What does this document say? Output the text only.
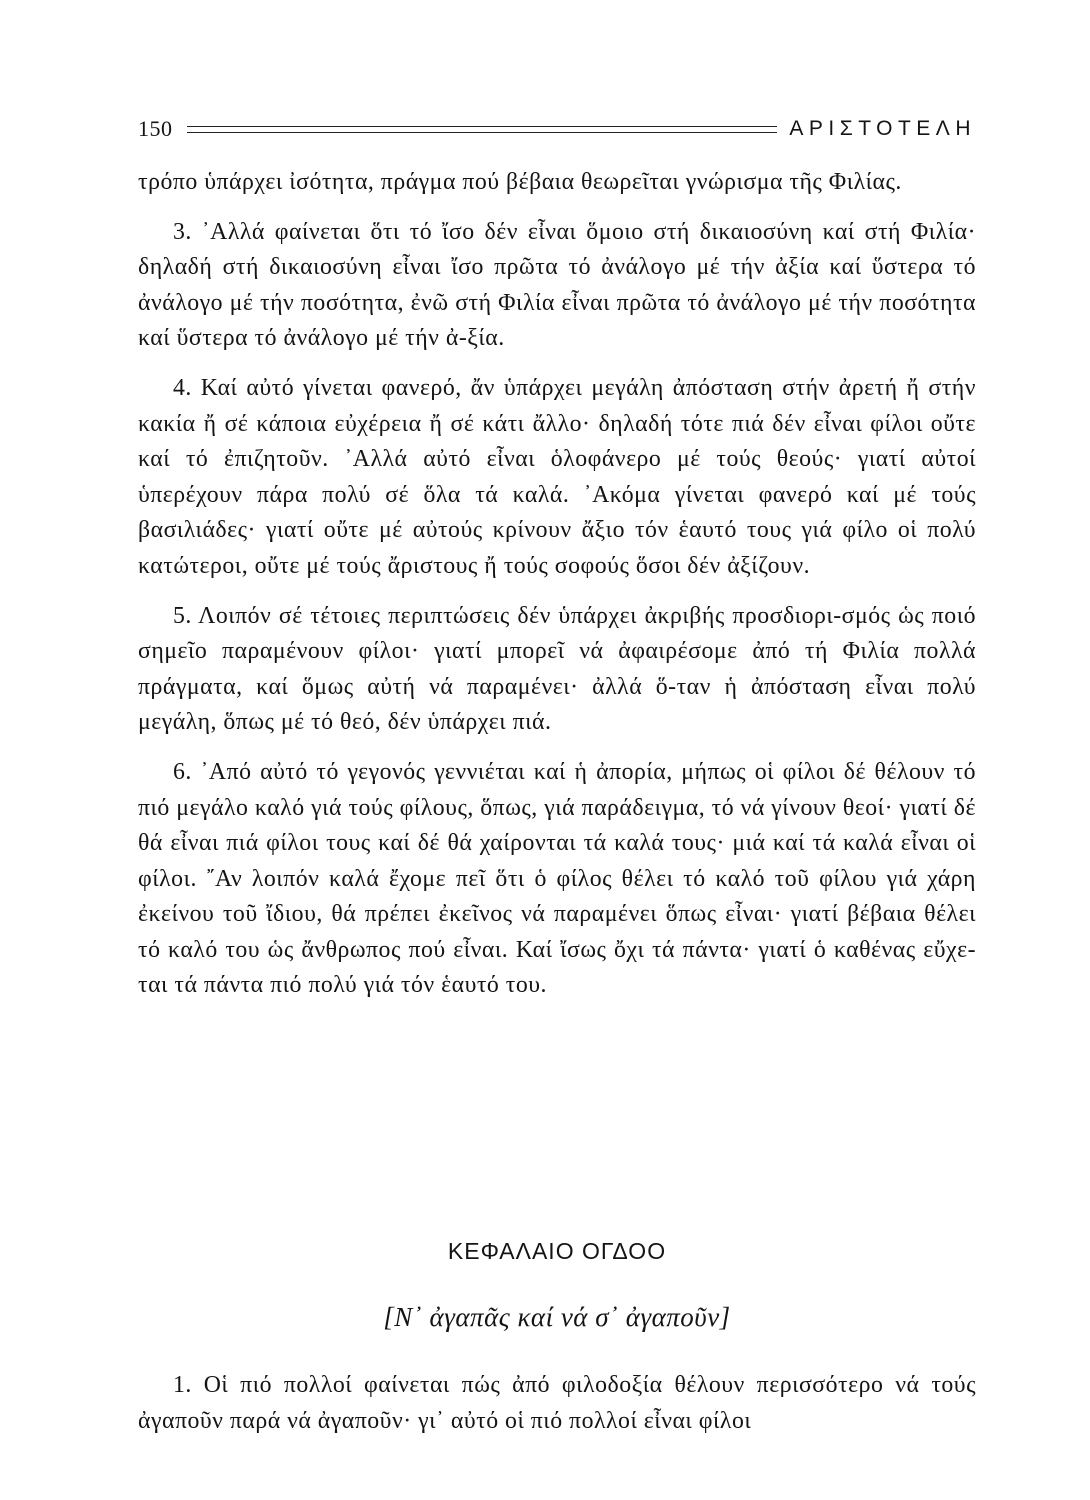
150	ΑΡΙΣΤΟΤΕΛΗ

τρόπο ὑπάρχει ἰσότητα, πράγμα πού βέβαια θεωρεῖται γνώρισμα τῆς Φιλίας.

3. ᾿Αλλά φαίνεται ὅτι τό ἴσο δέν εἶναι ὅμοιο στή δικαιοσύνη καί στή Φιλία· δηλαδή στή δικαιοσύνη εἶναι ἴσο πρῶτα τό ἀνάλογο μέ τήν ἀξία καί ὕστερα τό ἀνάλογο μέ τήν ποσότητα, ἐνῶ στή Φιλία εἶναι πρῶτα τό ἀνάλογο μέ τήν ποσότητα καί ὕστερα τό ἀνάλογο μέ τήν ἀ-ξία.

4. Καί αὐτό γίνεται φανερό, ἄν ὑπάρχει μεγάλη ἀπόσταση στήν ἀρετή ἤ στήν κακία ἤ σέ κάποια εὐχέρεια ἤ σέ κάτι ἄλλο· δηλαδή τότε πιά δέν εἶναι φίλοι οὔτε καί τό ἐπιζητοῦν. ᾿Αλλά αὐτό εἶναι ὁλοφάνερο μέ τούς θεούς· γιατί αὐτοί ὑπερέχουν πάρα πολύ σέ ὅλα τά καλά. ᾿Ακόμα γίνεται φανερό καί μέ τούς βασιλιάδες· γιατί οὔτε μέ αὐτούς κρίνουν ἄξιο τόν ἑαυτό τους γιά φίλο οἱ πολύ κατώτεροι, οὔτε μέ τούς ἄριστους ἤ τούς σοφούς ὅσοι δέν ἀξίζουν.

5. Λοιπόν σέ τέτοιες περιπτώσεις δέν ὑπάρχει ἀκριβής προσδιορι-σμός ὡς ποιό σημεῖο παραμένουν φίλοι· γιατί μπορεῖ νά ἀφαιρέσομε ἀπό τή Φιλία πολλά πράγματα, καί ὅμως αὐτή νά παραμένει· ἀλλά ὅ-ταν ἡ ἀπόσταση εἶναι πολύ μεγάλη, ὅπως μέ τό θεό, δέν ὑπάρχει πιά.

6. ᾿Από αὐτό τό γεγονός γεννιέται καί ἡ ἀπορία, μήπως οἱ φίλοι δέ θέλουν τό πιό μεγάλο καλό γιά τούς φίλους, ὅπως, γιά παράδειγμα, τό νά γίνουν θεοί· γιατί δέ θά εἶναι πιά φίλοι τους καί δέ θά χαίρονται τά καλά τους· μιά καί τά καλά εἶναι οἱ φίλοι. ῎Αν λοιπόν καλά ἔχομε πεῖ ὅτι ὁ φίλος θέλει τό καλό τοῦ φίλου γιά χάρη ἐκείνου τοῦ ἴδιου, θά πρέπει ἐκεῖνος νά παραμένει ὅπως εἶναι· γιατί βέβαια θέλει τό καλό του ὡς ἄνθρωπος πού εἶναι. Καί ἴσως ὄχι τά πάντα· γιατί ὁ καθένας εὔχε-ται τά πάντα πιό πολύ γιά τόν ἑαυτό του.

ΚΕΦΑΛΑΙΟ ΟΓΔΟΟ
[Ν᾿ ἀγαπᾶς καί νά σ᾿ ἀγαποῦν]

1. Οἱ πιό πολλοί φαίνεται πώς ἀπό φιλοδοξία θέλουν περισσότερο νά τούς ἀγαποῦν παρά νά ἀγαποῦν· γι᾿ αὐτό οἱ πιό πολλοί εἶναι φίλοι
